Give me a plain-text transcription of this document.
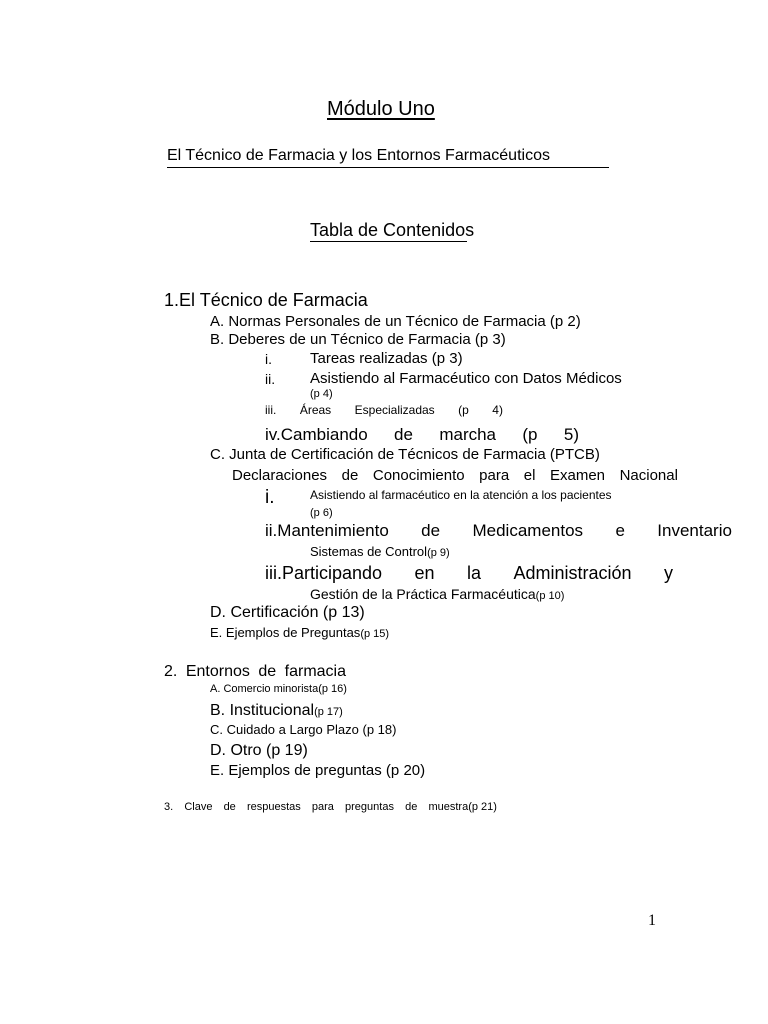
Módulo Uno
El Técnico de Farmacia y los Entornos Farmacéuticos
Tabla de Contenidos
1.El Técnico de Farmacia
A. Normas Personales de un Técnico de Farmacia (p 2)
B. Deberes de un Técnico de Farmacia (p 3)
i.	Tareas realizadas (p 3)
ii. Asistiendo al Farmacéutico con Datos Médicos
(p 4)
iii. Áreas Especializadas (p 4)
iv.Cambiando de marcha (p 5)
C. Junta de Certificación de Técnicos de Farmacia (PTCB)
Declaraciones de Conocimiento para el Examen Nacional
i.	Asistiendo al farmacéutico en la atención a los pacientes
(p 6)
ii.Mantenimiento de Medicamentos e Inventario
Sistemas de Control(p 9)
iii.Participando en la Administración y
Gestión de la Práctica Farmacéutica(p 10)
D. Certificación (p 13)
E. Ejemplos de Preguntas(p 15)
2. Entornos de farmacia
A. Comercio minorista(p 16)
B. Institucional(p 17)
C. Cuidado a Largo Plazo (p 18)
D. Otro (p 19)
E. Ejemplos de preguntas (p 20)
3. Clave de respuestas para preguntas de muestra(p 21)
1
